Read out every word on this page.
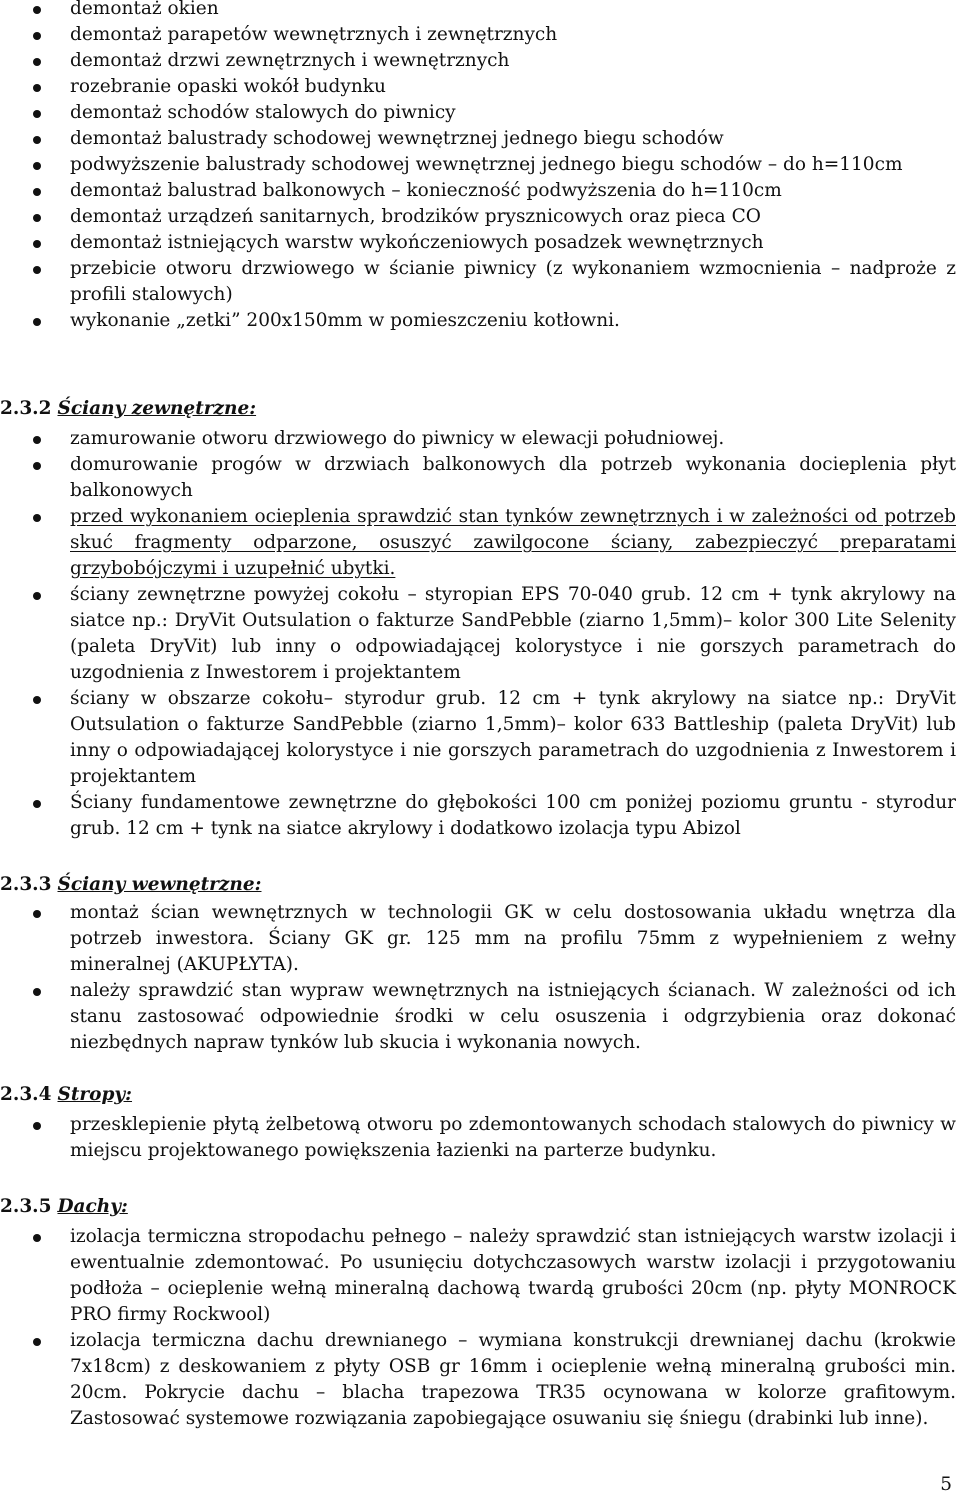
demontaż okien
demontaż parapetów wewnętrznych i zewnętrznych
demontaż drzwi zewnętrznych i wewnętrznych
rozebranie opaski wokół budynku
demontaż schodów stalowych do piwnicy
demontaż balustrady schodowej wewnętrznej jednego biegu schodów
podwyższenie balustrady schodowej wewnętrznej jednego biegu schodów – do h=110cm
demontaż balustrad balkonowych – konieczność podwyższenia do h=110cm
demontaż urządzeń sanitarnych, brodzików prysznicowych oraz pieca CO
demontaż istniejących warstw wykończeniowych posadzek wewnętrznych
przebicie otworu drzwiowego w ścianie piwnicy (z wykonaniem wzmocnienia – nadproże z profili stalowych)
wykonanie „zetki” 200x150mm w pomieszczeniu kotłowni.
2.3.2 Ściany zewnętrzne:
zamurowanie otworu drzwiowego do piwnicy w elewacji południowej.
domurowanie progów w drzwiach balkonowych dla potrzeb wykonania docieplenia płyt balkonowych
przed wykonaniem ocieplenia sprawdzić stan tynków zewnętrznych i w zależności od potrzeb skuć fragmenty odparzone, osuszyć zawilgocone ściany, zabezpieczyć preparatami grzybobójczymi i uzupełnić ubytki.
ściany zewnętrzne powyżej cokołu – styropian EPS 70-040 grub. 12 cm + tynk akrylowy na siatce np.: DryVit Outsulation o fakturze SandPebble (ziarno 1,5mm)– kolor 300 Lite Selenity (paleta DryVit) lub inny o odpowiadającej kolorystyce i nie gorszych parametrach do uzgodnienia z Inwestorem i projektantem
ściany w obszarze cokołu– styrodur grub. 12 cm + tynk akrylowy na siatce np.: DryVit Outsulation o fakturze SandPebble (ziarno 1,5mm)– kolor 633 Battleship (paleta DryVit) lub inny o odpowiadającej kolorystyce i nie gorszych parametrach do uzgodnienia z Inwestorem i projektantem
Ściany fundamentowe zewnętrzne do głębokości 100 cm poniżej poziomu gruntu - styrodur grub. 12 cm + tynk na siatce akrylowy i dodatkowo izolacja typu Abizol
2.3.3 Ściany wewnętrzne:
montaż ścian wewnętrznych w technologii GK w celu dostosowania układu wnętrza dla potrzeb inwestora. Ściany GK gr. 125 mm na profilu 75mm z wypełnieniem z wełny mineralnej (AKUPŁYTA).
należy sprawdzić stan wypraw wewnętrznych na istniejących ścianach. W zależności od ich stanu zastosować odpowiednie środki w celu osuszenia i odgrzybienia oraz dokonać niezbędnych napraw tynków lub skucia i wykonania nowych.
2.3.4 Stropy:
przesklepienie płytą żelbetową otworu po zdemontowanych schodach stalowych do piwnicy w miejscu projektowanego powiększenia łazienki na parterze budynku.
2.3.5 Dachy:
izolacja termiczna stropodachu pełnego – należy sprawdzić stan istniejących warstw izolacji i ewentualnie zdemontować. Po usunięciu dotychczasowych warstw izolacji i przygotowaniu podłoża – ocieplenie wełną mineralną dachową twardą grubości 20cm (np. płyty MONROCK PRO firmy Rockwool)
izolacja termiczna dachu drewnianego – wymiana konstrukcji drewnianej dachu (krokwie 7x18cm) z deskowaniem z płyty OSB gr 16mm i ocieplenie wełną mineralną grubości min. 20cm. Pokrycie dachu – blacha trapezowa TR35 ocynowana w kolorze grafitowym. Zastosować systemowe rozwiązania zapobiegające osuwaniu się śniegu (drabinki lub inne).
5
